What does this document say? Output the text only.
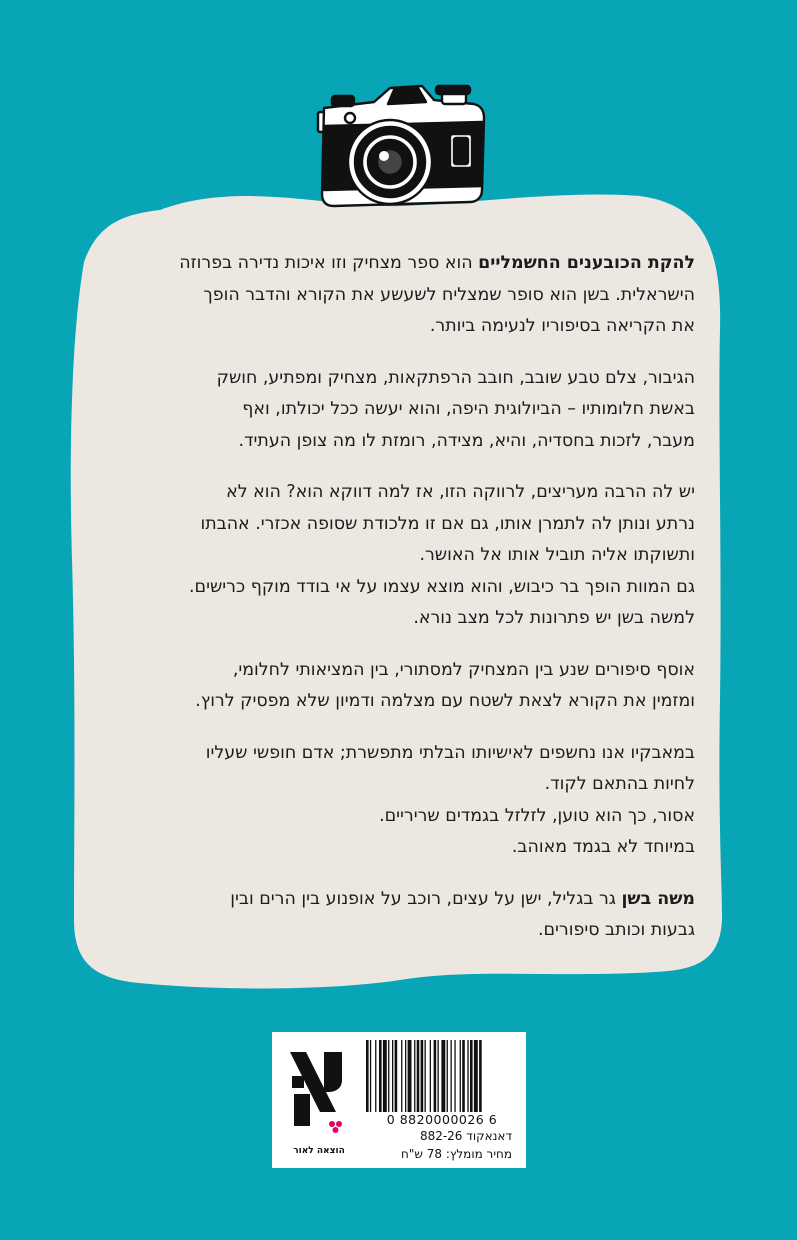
להקת הכובענים החשמליים הוא ספר מצחיק וזו איכות נדירה בפרוזה
הישראלית. בשן הוא סופר שמצליח לשעשע את הקורא והדבר הופך
את הקריאה בסיפוריו לנעימה ביותר.

הגיבור, צלם טבע שובב, חובב הרפתקאות, מצחיק ומפתיע, חושק
באשת חלומותיו – הביולוגית היפה, והוא יעשה ככל יכולתו, ואף
מעבר, לזכות בחסדיה, והיא, מצידה, רומזת לו מה צופן העתיד.

יש לה הרבה מעריצים, לרווקה הזו, אז למה דווקא הוא? הוא לא
נרתע ונותן לה לתמרן אותו, גם אם זו מלכודת שסופה אכזרי. אהבתו
ותשוקתו אליה תוביל אותו אל האושר.
גם המוות הופך בר כיבוש, והוא מוצא עצמו על אי בודד מוקף כרישים.
למשה בשן יש פתרונות לכל מצב נורא.

אוסף סיפורים שנע בין המצחיק למסתורי, בין המציאותי לחלומי,
ומזמין את הקורא לצאת לשטח עם מצלמה ודמיון שלא מפסיק לרוץ.

במאבקיו אנו נחשפים לאישיותו הבלתי מתפשרת; אדם חופשי שעליו
לחיות בהתאם לקוד.
אסור, כך הוא טוען, לזלזל בגמדים שריריים.
במיוחד לא בגמד מאוהב.

משה בשן גר בגליל, ישן על עצים, רוכב על אופנוע בין הרים ובין
גבעות וכותב סיפורים.

הוצאה לאור
0 8820000026 6
דאנאקוד 882-26
מחיר מומלץ: 78 ש"ח
